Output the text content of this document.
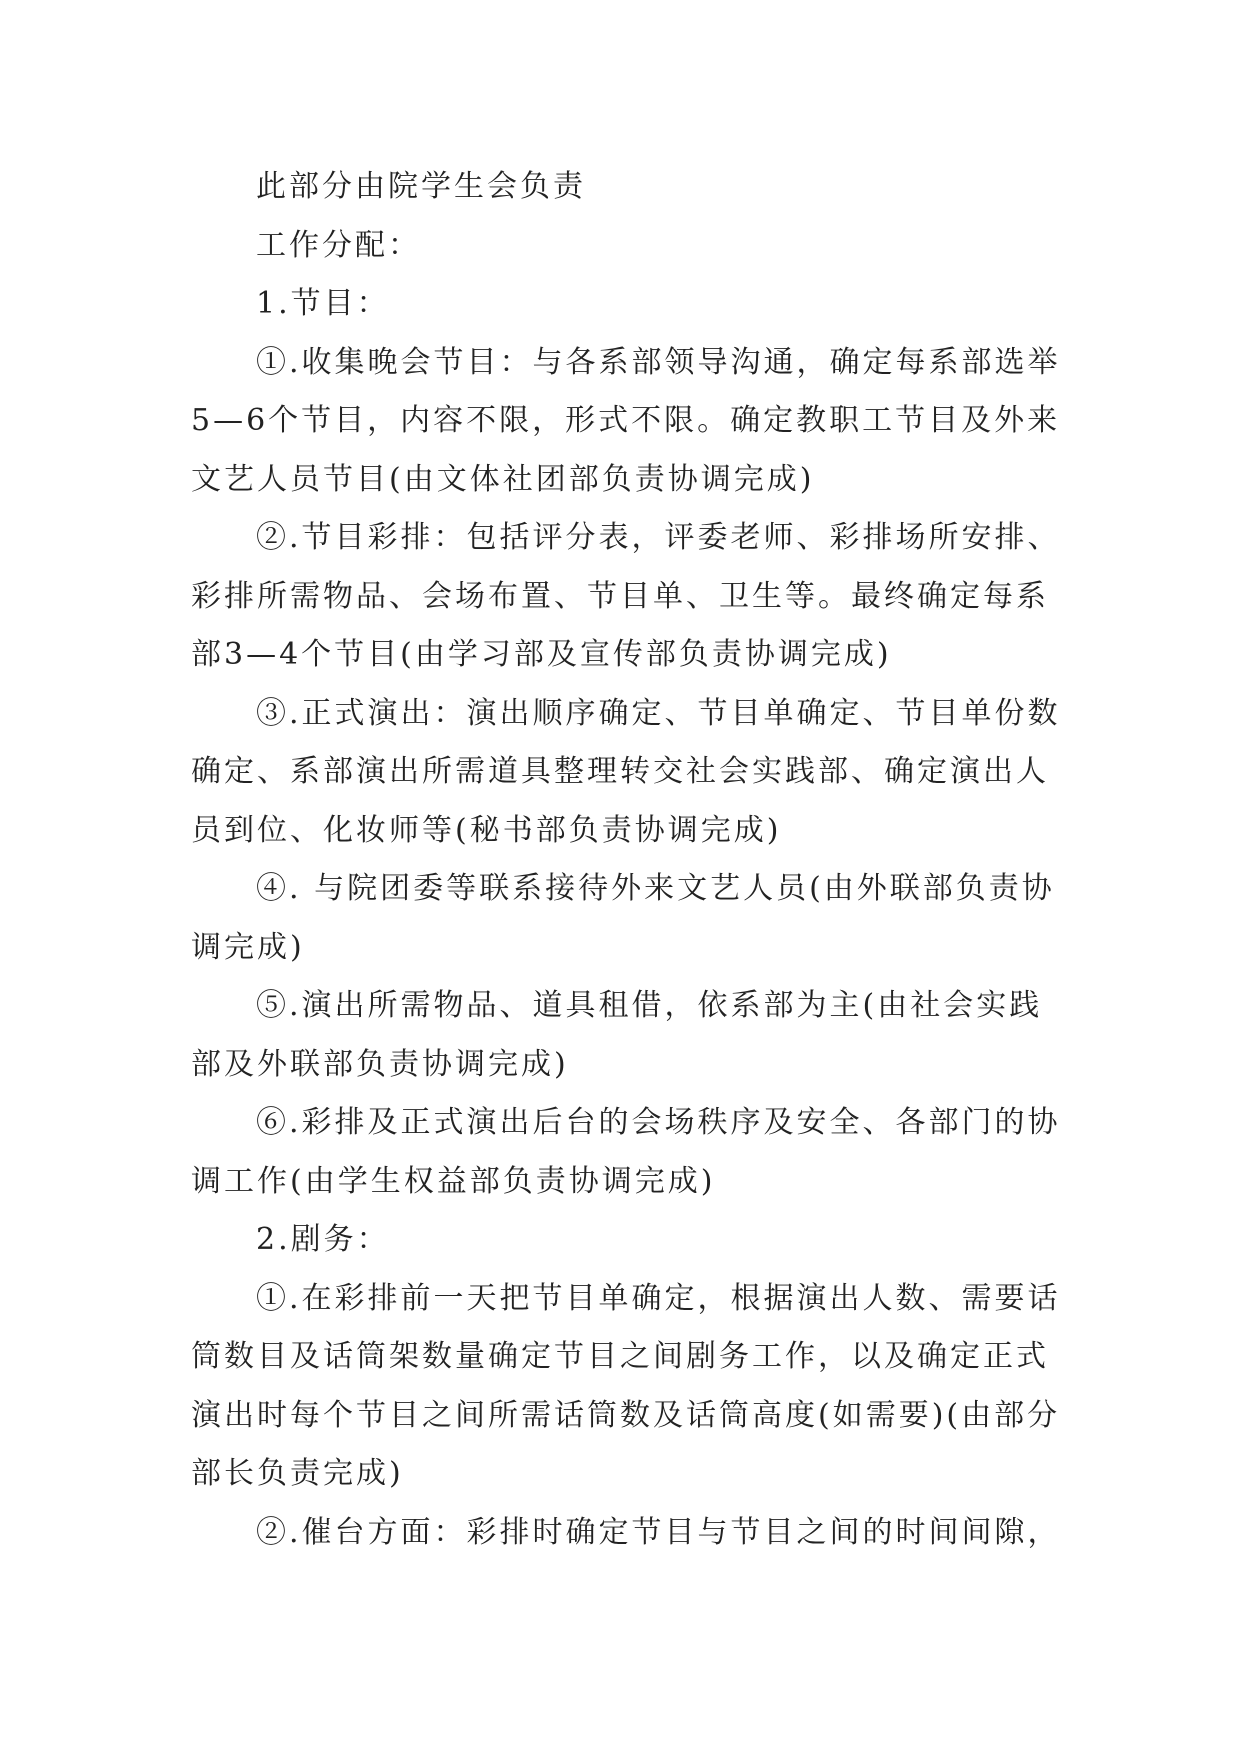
此部分由院学生会负责

工作分配：

1.节目：

①.收集晚会节目：与各系部领导沟通，确定每系部选举5—6个节目，内容不限，形式不限。确定教职工节目及外来文艺人员节目(由文体社团部负责协调完成)

②.节目彩排：包括评分表，评委老师、彩排场所安排、彩排所需物品、会场布置、节目单、卫生等。最终确定每系部3—4个节目(由学习部及宣传部负责协调完成)

③.正式演出：演出顺序确定、节目单确定、节目单份数确定、系部演出所需道具整理转交社会实践部、确定演出人员到位、化妆师等(秘书部负责协调完成)

④. 与院团委等联系接待外来文艺人员(由外联部负责协调完成)

⑤.演出所需物品、道具租借，依系部为主(由社会实践部及外联部负责协调完成)

⑥.彩排及正式演出后台的会场秩序及安全、各部门的协调工作(由学生权益部负责协调完成)

2.剧务：

①.在彩排前一天把节目单确定，根据演出人数、需要话筒数目及话筒架数量确定节目之间剧务工作，以及确定正式演出时每个节目之间所需话筒数及话筒高度(如需要)(由部分部长负责完成)

②.催台方面：彩排时确定节目与节目之间的时间间隙，
